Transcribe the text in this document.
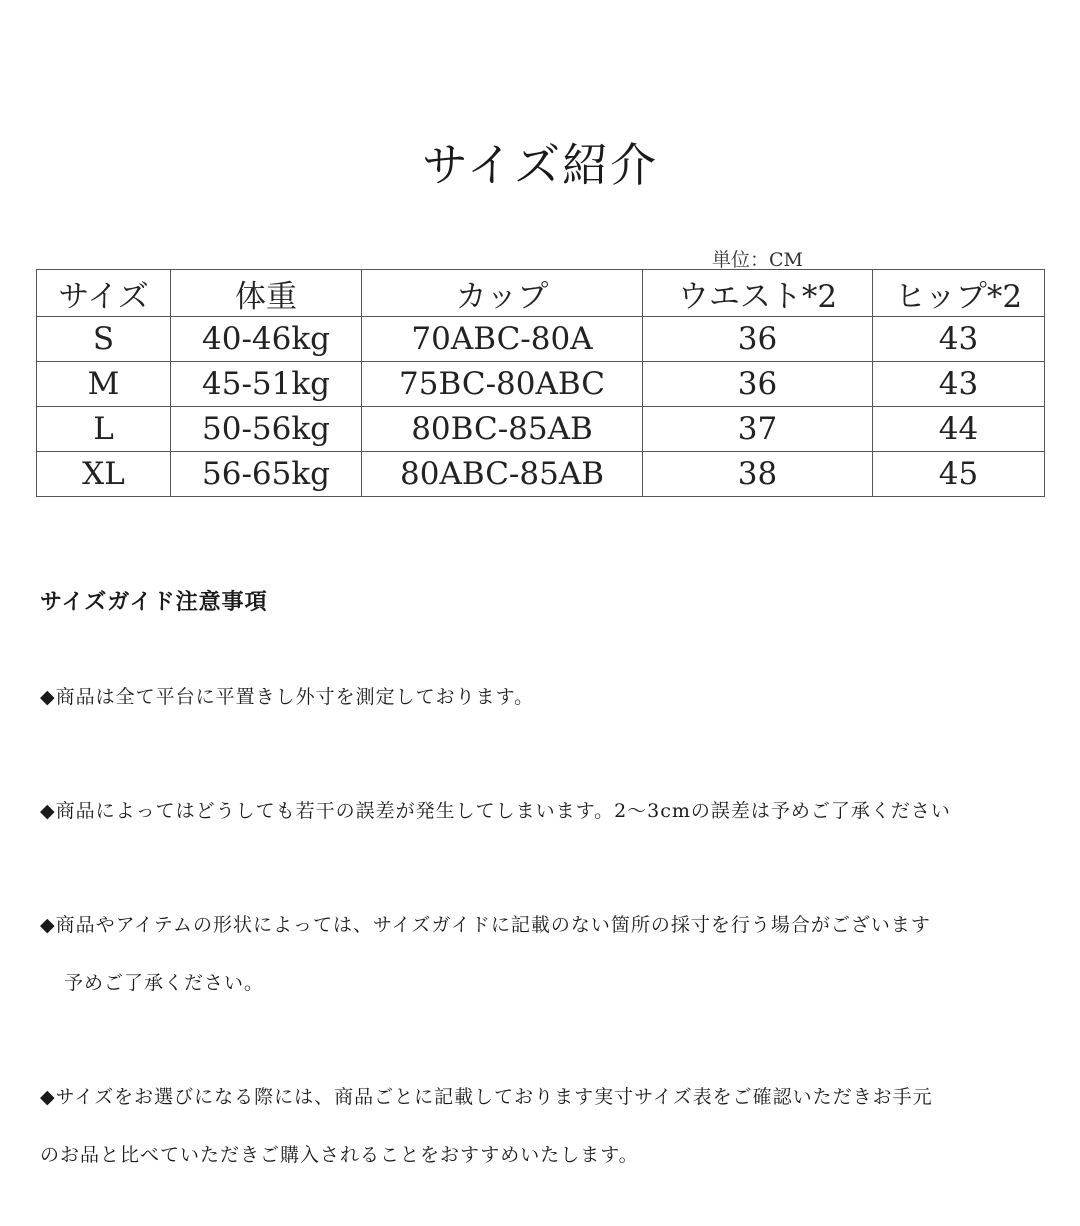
サイズ紹介
単位：CM
サイズ	体重	カップ	ウエスト*2	ヒップ*2
S	40-46kg	70ABC-80A	36	43
M	45-51kg	75BC-80ABC	36	43
L	50-56kg	80BC-85AB	37	44
XL	56-65kg	80ABC-85AB	38	45
サイズガイド注意事項

◆商品は全て平台に平置きし外寸を測定しております。

◆商品によってはどうしても若干の誤差が発生してしまいます。2～3cmの誤差は予めご了承ください

◆商品やアイテムの形状によっては、サイズガイドに記載のない箇所の採寸を行う場合がございます

予めご了承ください。

◆サイズをお選びになる際には、商品ごとに記載しております実寸サイズ表をご確認いただきお手元

のお品と比べていただきご購入されることをおすすめいたします。
